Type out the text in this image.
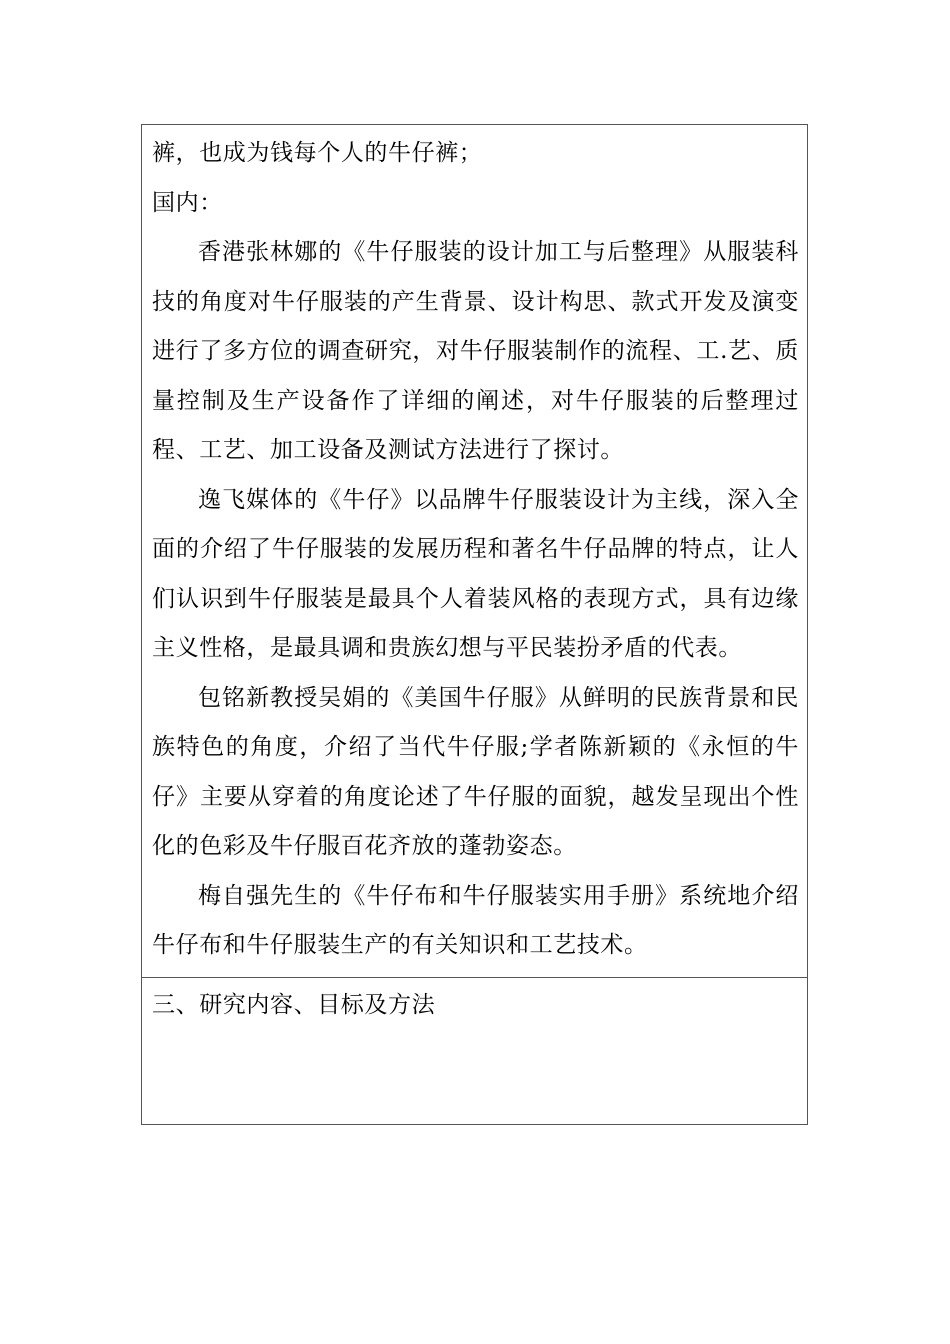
裤，也成为钱每个人的牛仔裤；
国内：

香港张林娜的《牛仔服装的设计加工与后整理》从服装科技的角度对牛仔服装的产生背景、设计构思、款式开发及演变进行了多方位的调查研究，对牛仔服装制作的流程、工.艺、质量控制及生产设备作了详细的阐述，对牛仔服装的后整理过程、工艺、加工设备及测试方法进行了探讨。

逸飞媒体的《牛仔》以品牌牛仔服装设计为主线，深入全面的介绍了牛仔服装的发展历程和著名牛仔品牌的特点，让人们认识到牛仔服装是最具个人着装风格的表现方式，具有边缘主义性格，是最具调和贵族幻想与平民装扮矛盾的代表。

包铭新教授吴娟的《美国牛仔服》从鲜明的民族背景和民族特色的角度，介绍了当代牛仔服;学者陈新颖的《永恒的牛仔》主要从穿着的角度论述了牛仔服的面貌，越发呈现出个性化的色彩及牛仔服百花齐放的蓬勃姿态。

梅自强先生的《牛仔布和牛仔服装实用手册》系统地介绍牛仔布和牛仔服装生产的有关知识和工艺技术。

三、研究内容、目标及方法
